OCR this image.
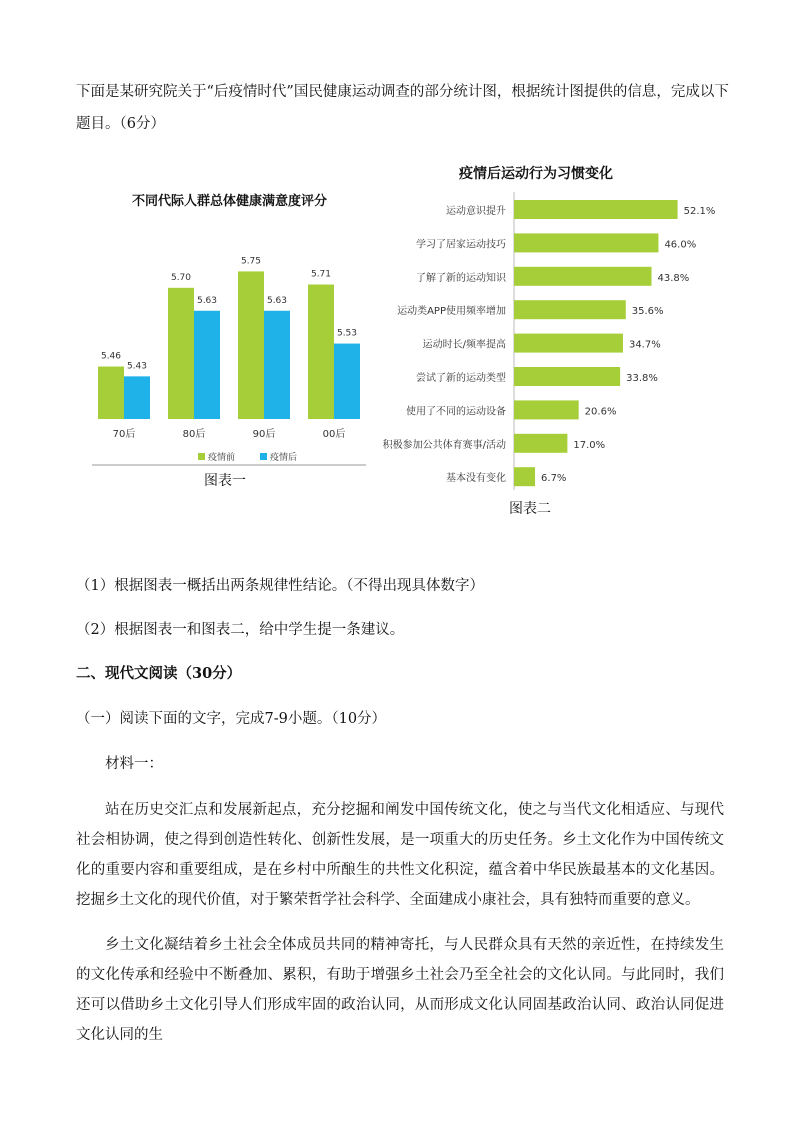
下面是某研究院关于“后疫情时代”国民健康运动调查的部分统计图，根据统计图提供的信息，完成以下
题目。（6分）
不同代际人群总体健康满意度评分
5.46
5.43
70后
5.70
5.63
80后
5.75
5.63
90后
5.71
5.53
00后
疫情前	疫情后
图表一
疫情后运动行为习惯变化
运动意识提升	52.1%
学习了居家运动技巧	46.0%
了解了新的运动知识	43.8%
运动类APP使用频率增加	35.6%
运动时长/频率提高	34.7%
尝试了新的运动类型	33.8%
使用了不同的运动设备	20.6%
积极参加公共体育赛事/活动	17.0%
基本没有变化	6.7%
图表二
（1）根据图表一概括出两条规律性结论。（不得出现具体数字）
（2）根据图表一和图表二，给中学生提一条建议。
二、现代文阅读（30分）
（一）阅读下面的文字，完成7-9小题。（10分）
材料一：
站在历史交汇点和发展新起点，充分挖掘和阐发中国传统文化，使之与当代文化相适应、与现代社会相协调，使之得到创造性转化、创新性发展，是一项重大的历史任务。乡土文化作为中国传统文化的重要内容和重要组成，是在乡村中所酿生的共性文化积淀，蕴含着中华民族最基本的文化基因。挖掘乡土文化的现代价值，对于繁荣哲学社会科学、全面建成小康社会，具有独特而重要的意义。
乡土文化凝结着乡土社会全体成员共同的精神寄托，与人民群众具有天然的亲近性，在持续发生的文化传承和经验中不断叠加、累积，有助于增强乡土社会乃至全社会的文化认同。与此同时，我们还可以借助乡土文化引导人们形成牢固的政治认同，从而形成文化认同固基政治认同、政治认同促进文化认同的生
